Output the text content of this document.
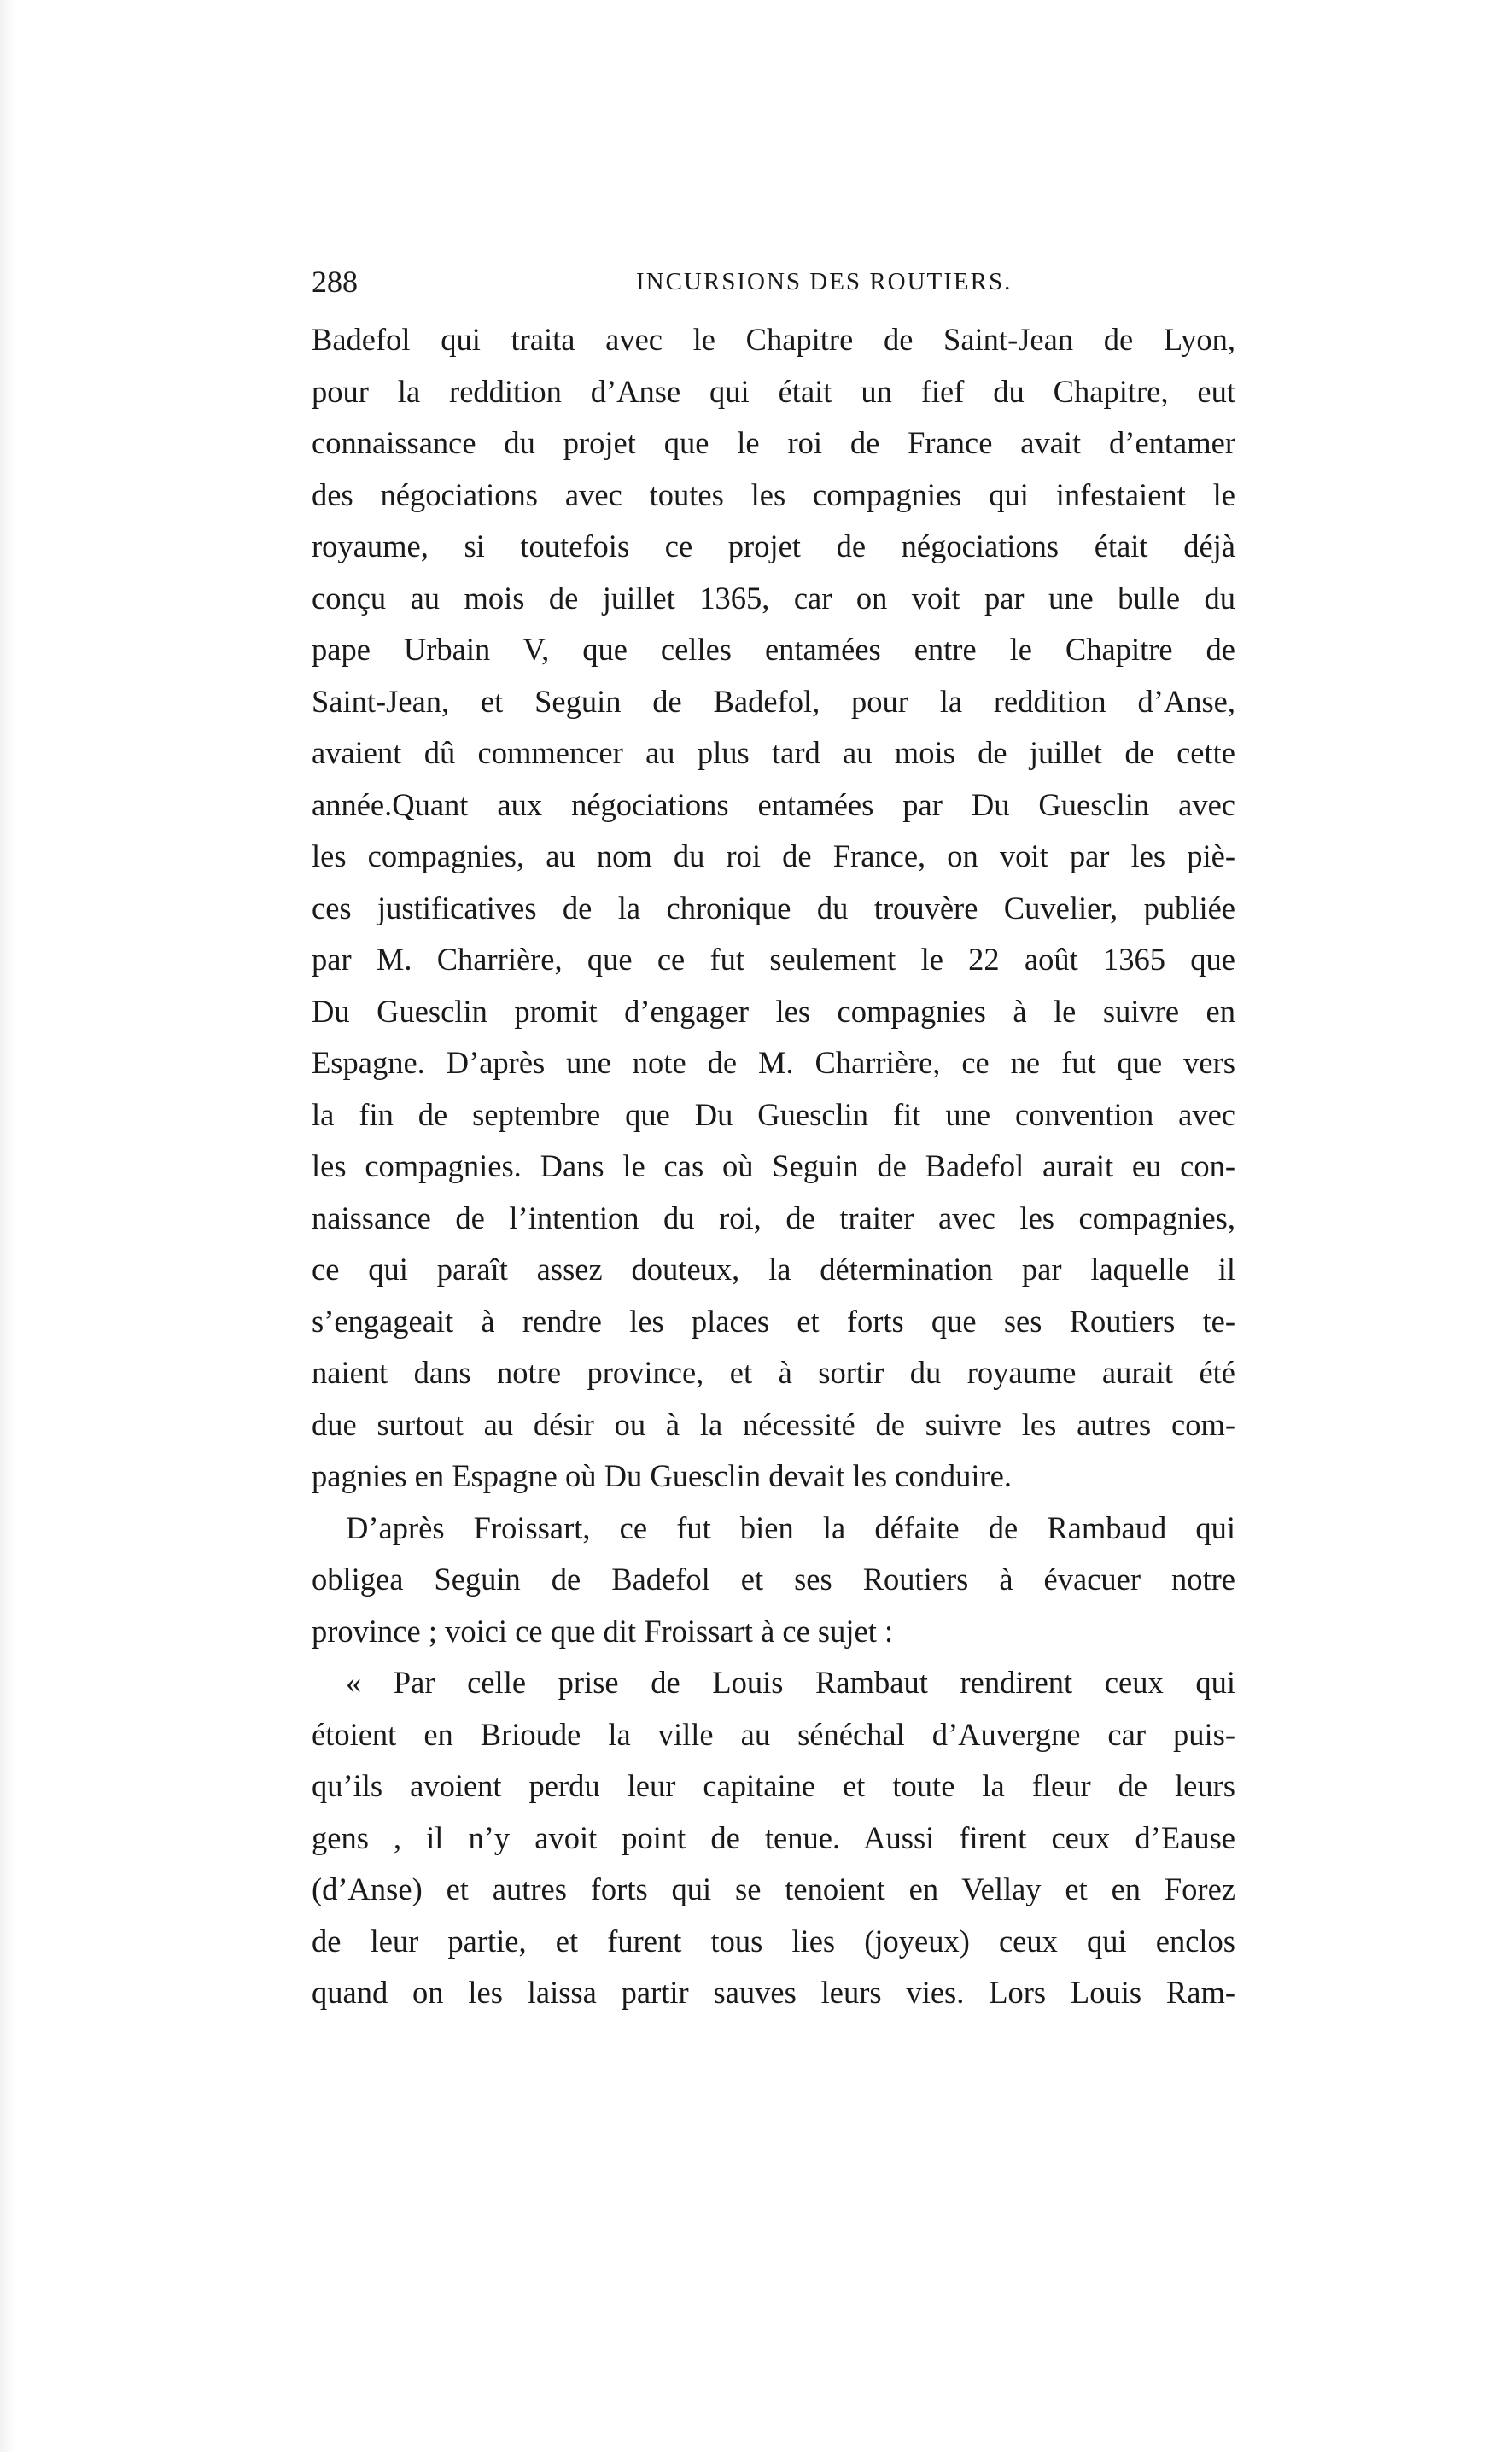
288	INCURSIONS DES ROUTIERS.
Badefol qui traita avec le Chapitre de Saint-Jean de Lyon,
pour la reddition d’Anse qui était un fief du Chapitre, eut
connaissance du projet que le roi de France avait d’entamer
des négociations avec toutes les compagnies qui infestaient le
royaume, si toutefois ce projet de négociations était déjà
conçu au mois de juillet 1365, car on voit par une bulle du
pape Urbain V, que celles entamées entre le Chapitre de
Saint-Jean, et Seguin de Badefol, pour la reddition d’Anse,
avaient dû commencer au plus tard au mois de juillet de cette
année.Quant aux négociations entamées par Du Guesclin avec
les compagnies, au nom du roi de France, on voit par les piè-
ces justificatives de la chronique du trouvère Cuvelier, publiée
par M. Charrière, que ce fut seulement le 22 août 1365 que
Du Guesclin promit d’engager les compagnies à le suivre en
Espagne. D’après une note de M. Charrière, ce ne fut que vers
la fin de septembre que Du Guesclin fit une convention avec
les compagnies. Dans le cas où Seguin de Badefol aurait eu con-
naissance de l’intention du roi, de traiter avec les compagnies,
ce qui paraît assez douteux, la détermination par laquelle il
s’engageait à rendre les places et forts que ses Routiers te-
naient dans notre province, et à sortir du royaume aurait été
due surtout au désir ou à la nécessité de suivre les autres com-
pagnies en Espagne où Du Guesclin devait les conduire.
D’après Froissart, ce fut bien la défaite de Rambaud qui
obligea Seguin de Badefol et ses Routiers à évacuer notre
province ; voici ce que dit Froissart à ce sujet :
« Par celle prise de Louis Rambaut rendirent ceux qui
étoient en Brioude la ville au sénéchal d’Auvergne car puis-
qu’ils avoient perdu leur capitaine et toute la fleur de leurs
gens , il n’y avoit point de tenue. Aussi firent ceux d’Eause
(d’Anse) et autres forts qui se tenoient en Vellay et en Forez
de leur partie, et furent tous lies (joyeux) ceux qui enclos
quand on les laissa partir sauves leurs vies. Lors Louis Ram-
